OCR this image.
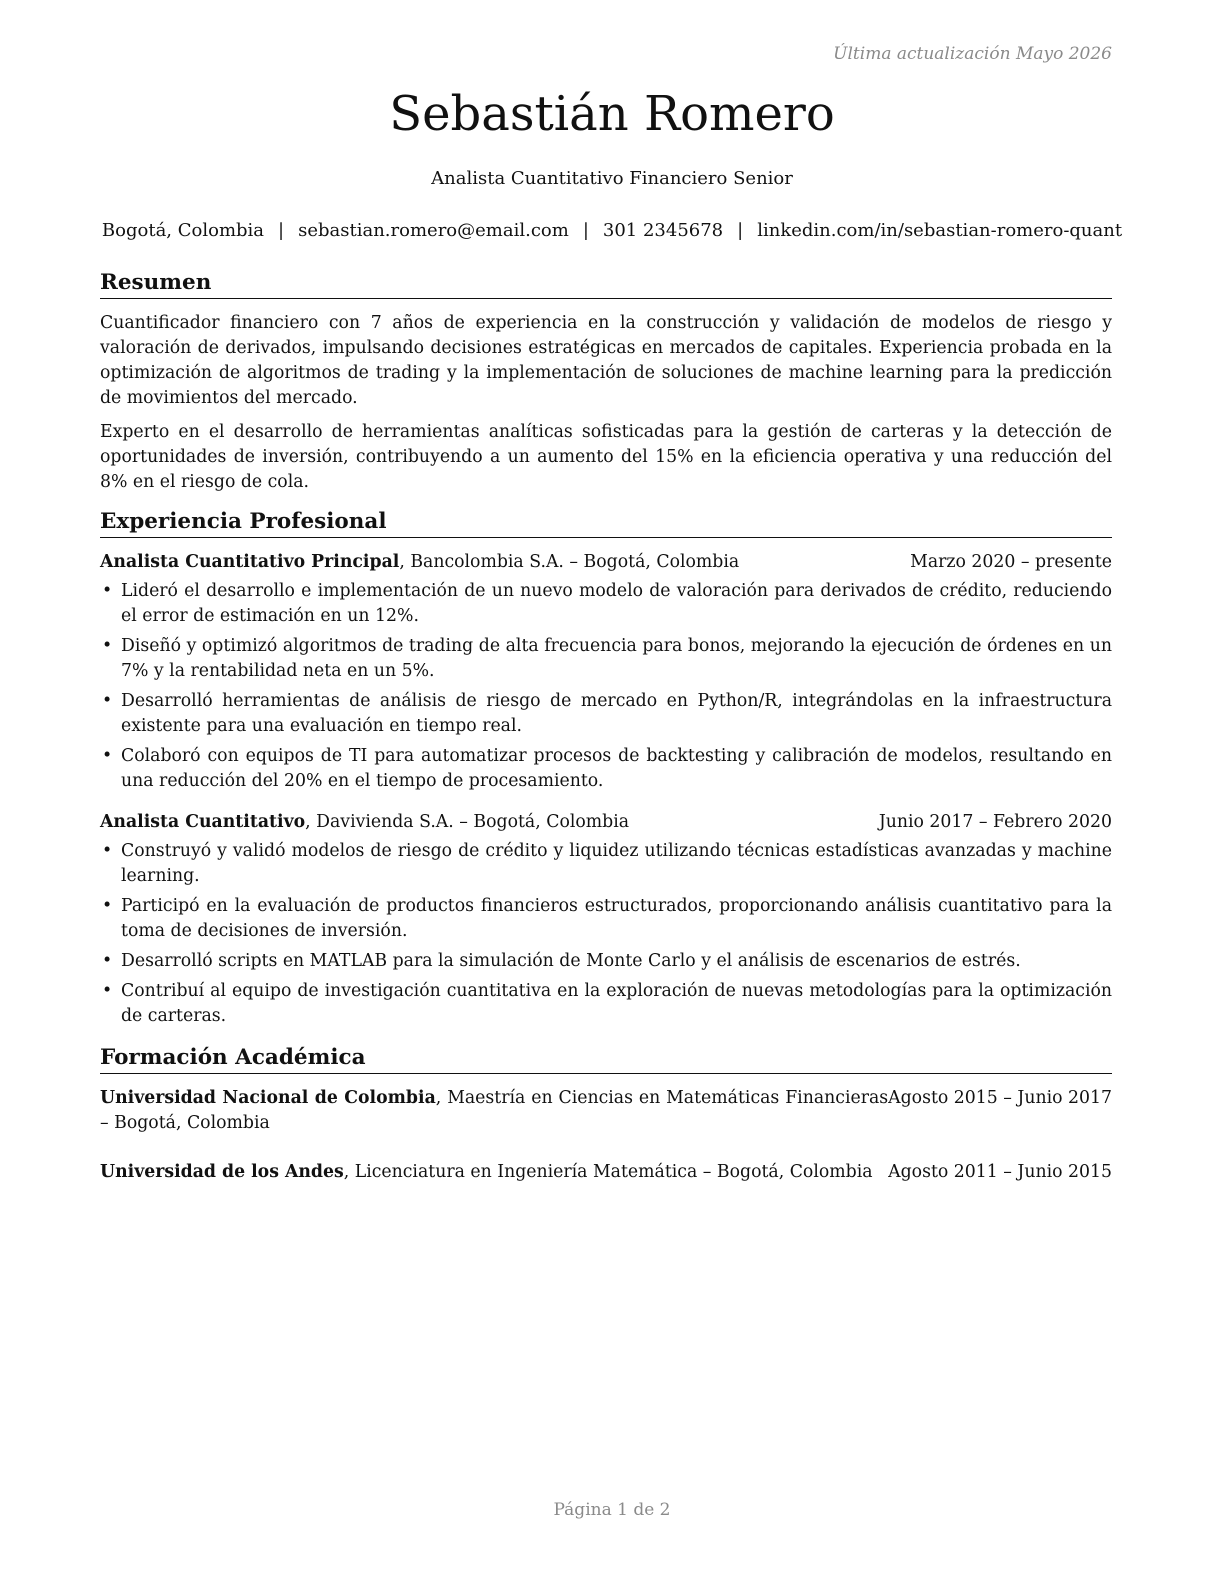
Última actualización Mayo 2026
Sebastián Romero
Analista Cuantitativo Financiero Senior
Bogotá, Colombia | sebastian.romero@email.com | 301 2345678 | linkedin.com/in/sebastian-romero-quant
Resumen

Cuantificador financiero con 7 años de experiencia en la construcción y validación de modelos de riesgo y valoración de derivados, impulsando decisiones estratégicas en mercados de capitales. Experiencia probada en la optimización de algoritmos de trading y la implementación de soluciones de machine learning para la predicción de movimientos del mercado.

Experto en el desarrollo de herramientas analíticas sofisticadas para la gestión de carteras y la detección de oportunidades de inversión, contribuyendo a un aumento del 15% en la eficiencia operativa y una reducción del 8% en el riesgo de cola.

Experiencia Profesional
Analista Cuantitativo Principal, Bancolombia S.A. – Bogotá, Colombia	Marzo 2020 – presente
• Lideró el desarrollo e implementación de un nuevo modelo de valoración para derivados de crédito, reduciendo el error de estimación en un 12%.
• Diseñó y optimizó algoritmos de trading de alta frecuencia para bonos, mejorando la ejecución de órdenes en un 7% y la rentabilidad neta en un 5%.
• Desarrolló herramientas de análisis de riesgo de mercado en Python/R, integrándolas en la infraestructura existente para una evaluación en tiempo real.
• Colaboró con equipos de TI para automatizar procesos de backtesting y calibración de modelos, resultando en una reducción del 20% en el tiempo de procesamiento.
Analista Cuantitativo, Davivienda S.A. – Bogotá, Colombia	Junio 2017 – Febrero 2020
• Construyó y validó modelos de riesgo de crédito y liquidez utilizando técnicas estadísticas avanzadas y machine learning.
• Participó en la evaluación de productos financieros estructurados, proporcionando análisis cuantitativo para la toma de decisiones de inversión.
• Desarrolló scripts en MATLAB para la simulación de Monte Carlo y el análisis de escenarios de estrés.
• Contribuí al equipo de investigación cuantitativa en la exploración de nuevas metodologías para la optimización de carteras.
Formación Académica
Universidad Nacional de Colombia, Maestría en Ciencias en Matemáticas Financieras – Bogotá, Colombia
Agosto 2015 – Junio 2017
Universidad de los Andes, Licenciatura en Ingeniería Matemática – Bogotá, Colombia Agosto 2011 – Junio 2015
Página 1 de 2
